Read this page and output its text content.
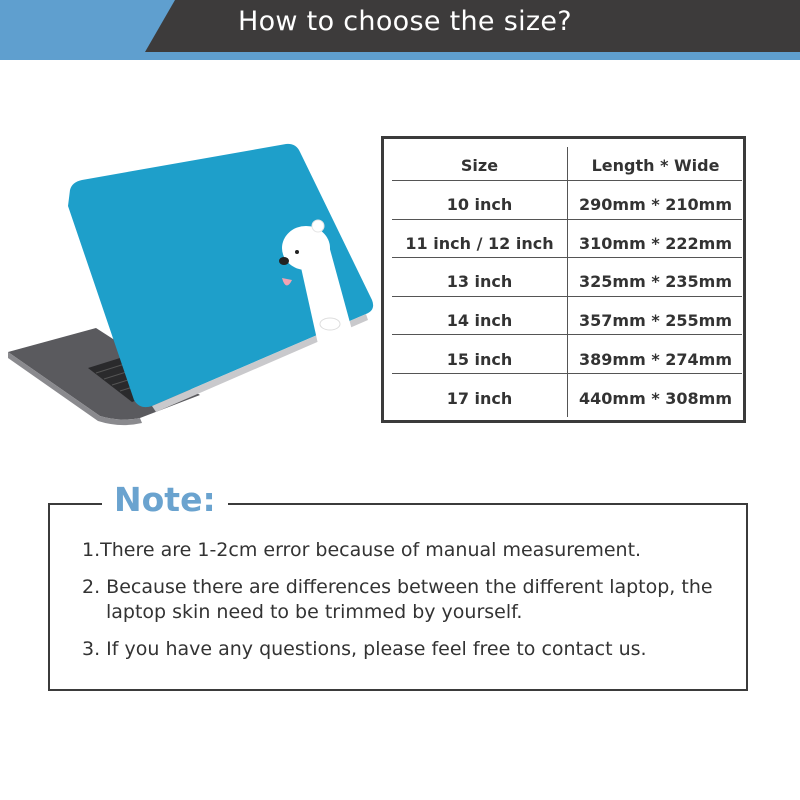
How to choose the size?
Size	Length * Wide
10 inch	290mm * 210mm
11 inch / 12 inch	310mm * 222mm
13 inch	325mm * 235mm
14 inch	357mm * 255mm
15 inch	389mm * 274mm
17 inch	440mm * 308mm
Note:
1.There are 1-2cm error because of manual measurement.
2. Because there are differences between the different laptop, the
laptop skin need to be trimmed by yourself.
3. If you have any questions, please feel free to contact us.
